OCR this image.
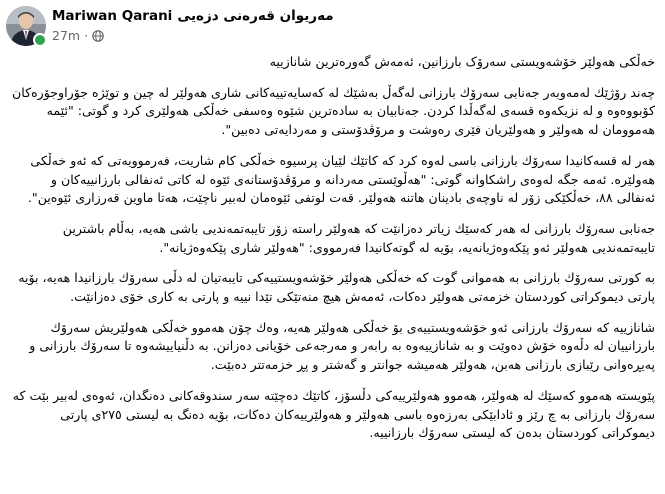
Mariwan Qarani مەریوان قەرەنی دزەیی
27m ·

خەڵکی هەولێر خۆشەویستی سەرۆک بارزانین، ئەمەش گەورەترین شانازییە

چەند رۆژێك لەمەوبەر جەنابی سەرۆك بارزانی لەگەڵ بەشێك لە کەسایەتییەکانی شاری هەولێر لە چین و توێژە جۆراوجۆرەکان کۆبووەوە و لە نزیکەوە قسەی لەگەڵدا کردن. جەنابیان بە سادەترین شێوە وەسفی خەڵکی هەولێری کرد و گوتی: "ئێمە هەموومان لە هەولێر و هەولێریان فێری رەوشت و مرۆڤدۆستی و مەردایەتی دەبین".

هەر لە قسەکانیدا سەرۆك بارزانی باسی لەوە کرد کە کاتێك لێیان پرسیوە خەڵکی کام شاریت، فەرموویەتی کە ئەو خەڵکی هەولێرە. ئەمە جگە لەوەی راشکاوانە گوتی: "هەڵوێستی مەردانە و مرۆڤدۆستانەی ئێوە لە کاتی ئەنفالی بارزانییەکان و ئەنفالی ٨٨، خەڵکێکی زۆر لە ناوچەی بادینان هاتنە هەولێر. قەت لوتفی ئێوەمان لەبیر ناچێت، هەتا ماوین قەرزاری ئێوەین".

جەنابی سەرۆك بارزانی لە هەر کەسێك زیاتر دەزانێت کە هەولێر راستە زۆر تایبەتمەندیی باشی هەیە، بەڵام باشترین تایبەتمەندیی هەولێر ئەو پێکەوەژیانەیە، بۆیە لە گوتەکانیدا فەرمووی: "هەولێر شاری پێکەوەژیانە".

بە کورتی سەرۆك بارزانی بە هەموانی گوت کە خەڵکی هەولێر خۆشەویستییەکی تایبەتیان لە دڵی سەرۆك بارزانیدا هەیە، بۆیە پارتی دیموکراتی کوردستان خزمەتی هەولێر دەکات، ئەمەش هیچ منەتێکی تێدا نییە و پارتی بە کاری خۆی دەزانێت.

شانازییە کە سەرۆك بارزانی ئەو خۆشەویستییەی بۆ خەڵکی هەولێر هەیە، وەك چۆن هەموو خەڵکی هەولێریش سەرۆك بارزانییان لە دڵەوە خۆش دەوێت و بە شانازییەوە بە رابەر و مەرجەعی خۆیانی دەزانن. بە دڵنیاییشەوە تا سەرۆك بارزانی و پەیڕەوانی رێبازی بارزانی هەبن، هەولێر هەمیشە جوانتر و گەشتر و پڕ خزمەتتر دەبێت.

پێویستە هەموو کەسێك لە هەولێر، هەموو هەولێرییەکی دڵسۆز، کاتێك دەچێتە سەر سندوقەکانی دەنگدان، ئەوەی لەبیر بێت کە سەرۆك بارزانی بە چ رێز و ئادابێکی بەرزەوە باسی هەولێر و هەولێرییەکان دەکات، بۆیە دەنگ بە لیستی ٢٧٥ی پارتی دیموکراتی کوردستان بدەن کە لیستی سەرۆك بارزانییە.
